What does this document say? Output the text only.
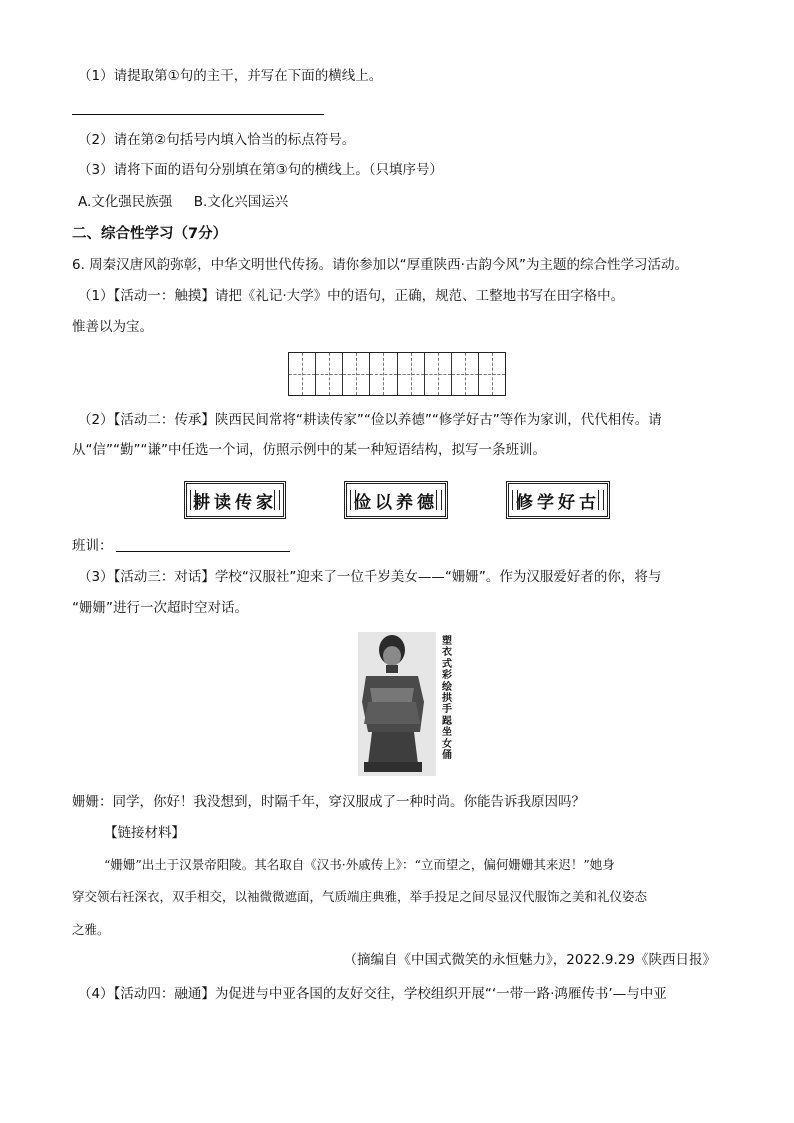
（1）请提取第①句的主干，并写在下面的横线上。
（2）请在第②句括号内填入恰当的标点符号。
（3）请将下面的语句分别填在第③句的横线上。（只填序号）
A.文化强民族强     B.文化兴国运兴
二、综合性学习（7分）
6. 周秦汉唐风韵弥彰，中华文明世代传扬。请你参加以“厚重陕西·古韵今风”为主题的综合性学习活动。
（1）【活动一：触摸】请把《礼记·大学》中的语句，正确，规范、工整地书写在田字格中。
惟善以为宝。
（2）【活动二：传承】陕西民间常将“耕读传家”“俭以养德”“修学好古”等作为家训，代代相传。请
从“信”“勤”“谦”中任选一个词，仿照示例中的某一种短语结构，拟写一条班训。
耕读传家	俭以养德	修学好古
班训：
（3）【活动三：对话】学校“汉服社”迎来了一位千岁美女——“姗姗”。作为汉服爱好者的你，将与
“姗姗”进行一次超时空对话。
塑衣式彩绘拱手跽坐女俑
姗姗：同学，你好！我没想到，时隔千年，穿汉服成了一种时尚。你能告诉我原因吗？
【链接材料】
“姗姗”出土于汉景帝阳陵。其名取自《汉书·外戚传上》：“立而望之，偏何姗姗其来迟！”她身
穿交领右衽深衣，双手相交，以袖微微遮面，气质端庄典雅，举手投足之间尽显汉代服饰之美和礼仪姿态
之雅。
（摘编自《中国式微笑的永恒魅力》，2022.9.29《陕西日报》
（4）【活动四：融通】为促进与中亚各国的友好交往，学校组织开展“‘一带一路·鸿雁传书’—与中亚
